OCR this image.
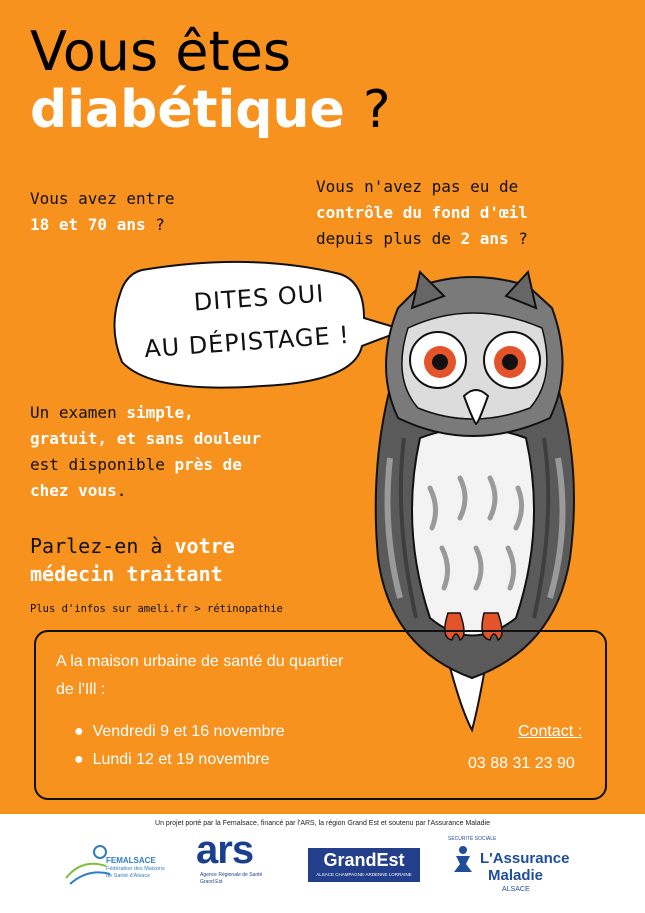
Vous êtes
diabétique ?
Vous avez entre
18 et 70 ans ?
Vous n'avez pas eu de
contrôle du fond d'œil
depuis plus de 2 ans ?
DITES OUI
AU DÉPISTAGE !
Un examen simple,
gratuit, et sans douleur
est disponible près de
chez vous.
Parlez-en à votre
médecin traitant
Plus d'infos sur ameli.fr > rétinopathie
A la maison urbaine de santé du quartier
de l'Ill :
● Vendredi 9 et 16 novembre
● Lundi 12 et 19 novembre
Contact :
03 88 31 23 90
Un projet porté par la Femalsace, financé par l'ARS, la région Grand Est et soutenu par l'Assurance Maladie
FEMALSACE
Fédération des Maisons
de Santé d'Alsace
ars
Agence Régionale de Santé
Grand Est
GrandEst
ALSACE CHAMPAGNE-ARDENNE LORRAINE
SÉCURITÉ SOCIALE
L'Assurance
Maladie
ALSACE
